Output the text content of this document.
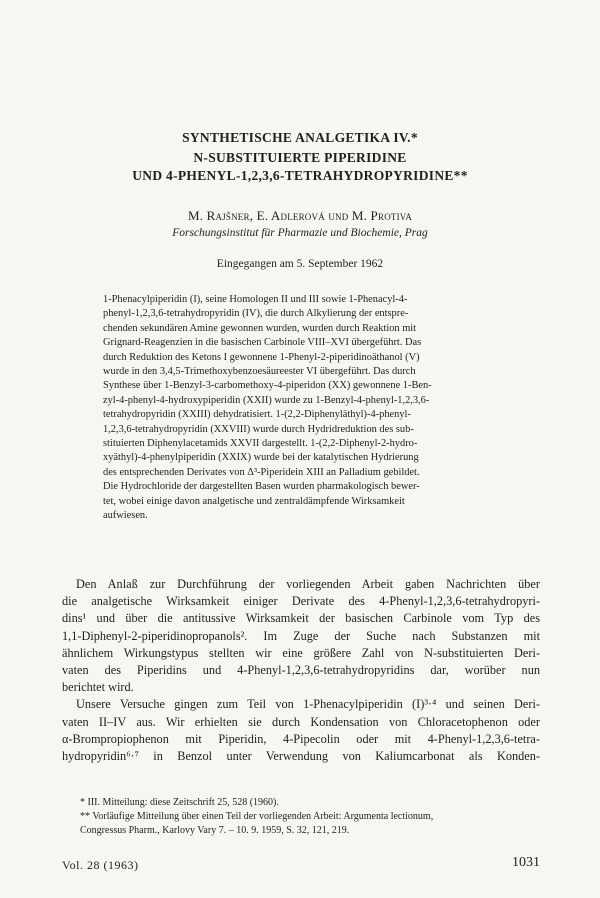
SYNTHETISCHE ANALGETIKA IV.*
N-SUBSTITUIERTE PIPERIDINE
UND 4-PHENYL-1,2,3,6-TETRAHYDROPYRIDINE**
M. Rajšner, E. Adlerová und M. Protiva
Forschungsinstitut für Pharmazie und Biochemie, Prag
Eingegangen am 5. September 1962
1-Phenacylpiperidin (I), seine Homologen II und III sowie 1-Phenacyl-4-
phenyl-1,2,3,6-tetrahydropyridin (IV), die durch Alkylierung der entspre-
chenden sekundären Amine gewonnen wurden, wurden durch Reaktion mit
Grignard-Reagenzien in die basischen Carbinole VIII–XVI übergeführt. Das
durch Reduktion des Ketons I gewonnene 1-Phenyl-2-piperidinoäthanol (V)
wurde in den 3,4,5-Trimethoxybenzoesäureester VI übergeführt. Das durch
Synthese über 1-Benzyl-3-carbomethoxy-4-piperidon (XX) gewonnene 1-Ben-
zyl-4-phenyl-4-hydroxypiperidin (XXII) wurde zu 1-Benzyl-4-phenyl-1,2,3,6-
tetrahydropyridin (XXIII) dehydratisiert. 1-(2,2-Diphenyläthyl)-4-phenyl-
1,2,3,6-tetrahydropyridin (XXVIII) wurde durch Hydridreduktion des sub-
stituierten Diphenylacetamids XXVII dargestellt. 1-(2,2-Diphenyl-2-hydro-
xyäthyl)-4-phenylpiperidin (XXIX) wurde bei der katalytischen Hydrierung
des entsprechenden Derivates von Δ³-Piperidein XIII an Palladium gebildet.
Die Hydrochloride der dargestellten Basen wurden pharmakologisch bewer-
tet, wobei einige davon analgetische und zentraldämpfende Wirksamkeit
aufwiesen.
Den Anlaß zur Durchführung der vorliegenden Arbeit gaben Nachrichten über
die analgetische Wirksamkeit einiger Derivate des 4-Phenyl-1,2,3,6-tetrahydropyri-
dins¹ und über die antitussive Wirksamkeit der basischen Carbinole vom Typ des
1,1-Diphenyl-2-piperidinopropanols². Im Zuge der Suche nach Substanzen mit
ähnlichem Wirkungstypus stellten wir eine größere Zahl von N-substituierten Deri-
vaten des Piperidins und 4-Phenyl-1,2,3,6-tetrahydropyridins dar, worüber nun
berichtet wird.
Unsere Versuche gingen zum Teil von 1-Phenacylpiperidin (I)³·⁴ und seinen Deri-
vaten II–IV aus. Wir erhielten sie durch Kondensation von Chloracetophenon oder
α-Brompropiophenon mit Piperidin, 4-Pipecolin oder mit 4-Phenyl-1,2,3,6-tetra-
hydropyridin⁶·⁷ in Benzol unter Verwendung von Kaliumcarbonat als Konden-
* III. Mitteilung: diese Zeitschrift 25, 528 (1960).
** Vorläufige Mitteilung über einen Teil der vorliegenden Arbeit: Argumenta lectionum,
Congressus Pharm., Karlovy Vary 7. – 10. 9. 1959, S. 32, 121, 219.
Vol. 28 (1963)	1031
